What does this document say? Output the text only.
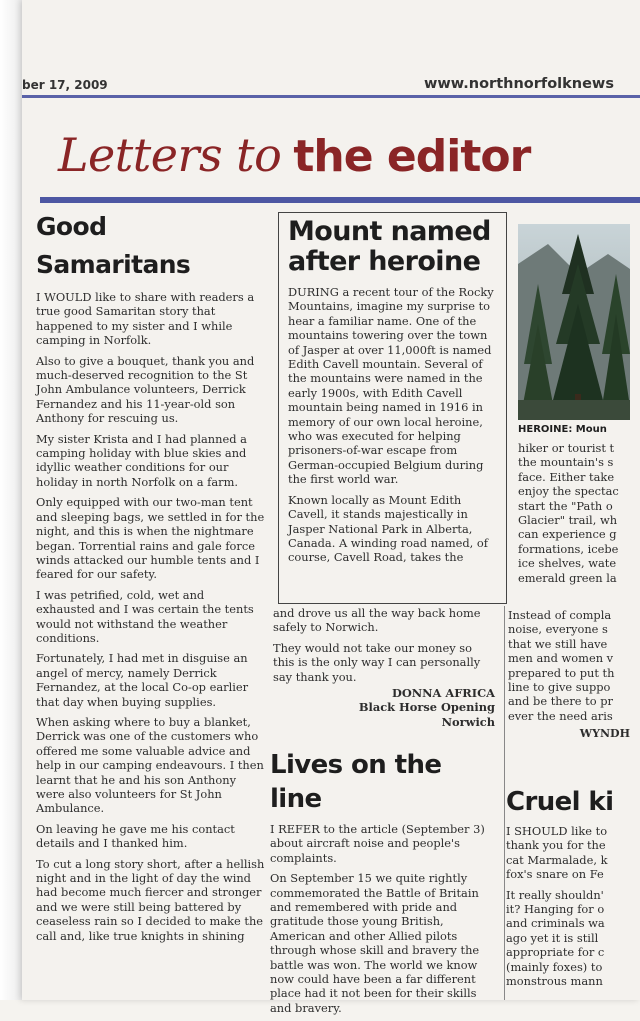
ber 17, 2009	www.northnorfolknews
Letters to the editor
Good Samaritans

I WOULD like to share with readers a true good Samaritan story that happened to my sister and I while camping in Norfolk.

Also to give a bouquet, thank you and much-deserved recognition to the St John Ambulance volunteers, Derrick Fernandez and his 11-year-old son Anthony for rescuing us.

My sister Krista and I had planned a camping holiday with blue skies and idyllic weather conditions for our holiday in north Norfolk on a farm.

Only equipped with our two-man tent and sleeping bags, we settled in for the night, and this is when the nightmare began. Torrential rains and gale force winds attacked our humble tents and I feared for our safety.

I was petrified, cold, wet and exhausted and I was certain the tents would not withstand the weather conditions.

Fortunately, I had met in disguise an angel of mercy, namely Derrick Fernandez, at the local Co-op earlier that day when buying supplies.

When asking where to buy a blanket, Derrick was one of the customers who offered me some valuable advice and help in our camping endeavours. I then learnt that he and his son Anthony were also volunteers for St John Ambulance.

On leaving he gave me his contact details and I thanked him.

To cut a long story short, after a hellish night and in the light of day the wind had become much fiercer and stronger and we were still being battered by ceaseless rain so I decided to make the call and, like true knights in shining

Mount named after heroine

DURING a recent tour of the Rocky Mountains, imagine my surprise to hear a familiar name. One of the mountains towering over the town of Jasper at over 11,000ft is named Edith Cavell mountain. Several of the mountains were named in the early 1900s, with Edith Cavell mountain being named in 1916 in memory of our own local heroine, who was executed for helping prisoners-of-war escape from German-occupied Belgium during the first world war.

Known locally as Mount Edith Cavell, it stands majestically in Jasper National Park in Alberta, Canada. A winding road named, of course, Cavell Road, takes the

HEROINE: Moun

hiker or tourist t

the mountain's s

face. Either take

enjoy the spectac

start the "Path o

Glacier" trail, wh

can experience g

formations, icebe

ice shelves, wate

emerald green la

and drove us all the way back home safely to Norwich.

They would not take our money so this is the only way I can personally say thank you.

DONNA AFRICA
Black Horse Opening
Norwich
Lives on the line

I REFER to the article (September 3) about aircraft noise and people's complaints.

On September 15 we quite rightly commemorated the Battle of Britain and remembered with pride and gratitude those young British, American and other Allied pilots through whose skill and bravery the battle was won. The world we know now could have been a far different place had it not been for their skills and bravery.

Instead of compla

noise, everyone s

that we still have

men and women v

prepared to put th

line to give suppo

and be there to pr

ever the need aris

WYNDH
Cruel ki

I SHOULD like to

thank you for the

cat Marmalade, k

fox's snare on Fe

It really shouldn'

it? Hanging for o

and criminals wa

ago yet it is still

appropriate for c

(mainly foxes) to

monstrous mann
